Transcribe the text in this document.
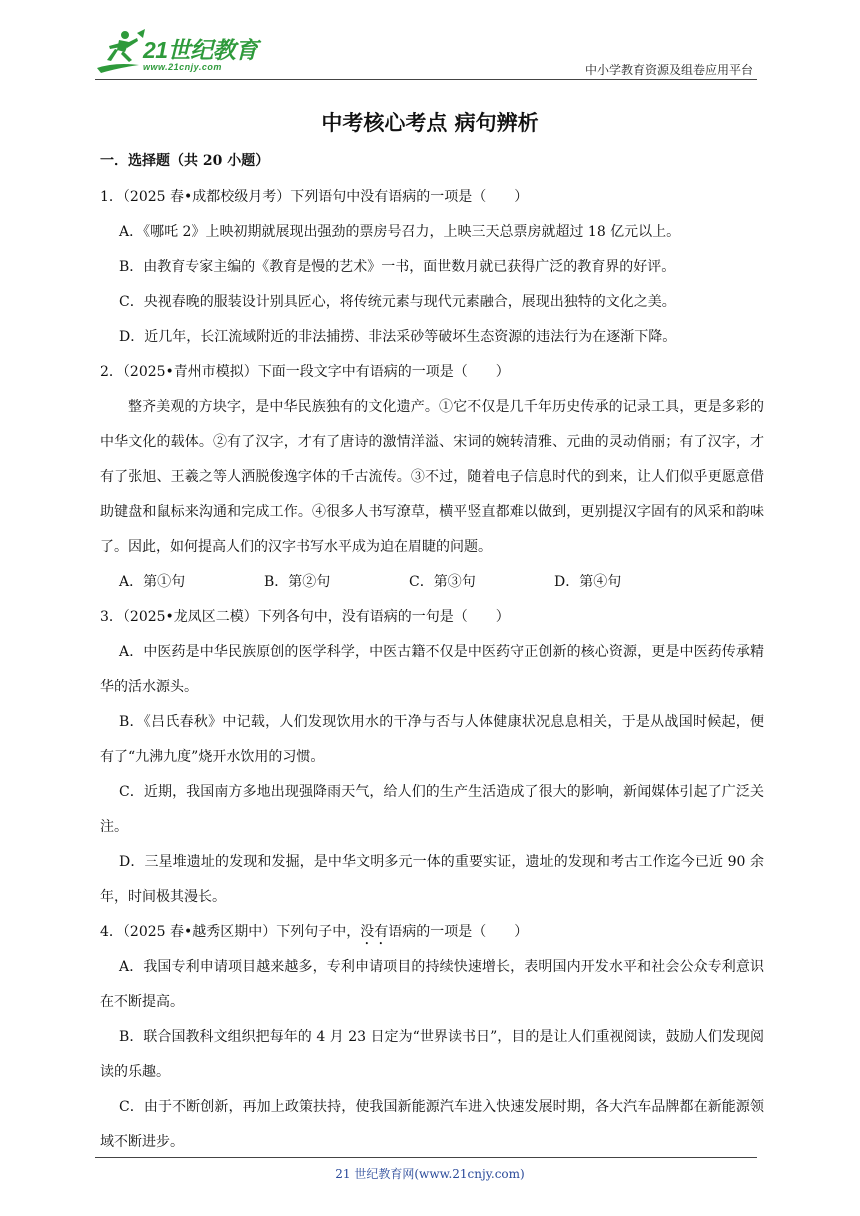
21世纪教育
www.21cnjy.com	中小学教育资源及组卷应用平台
中考核心考点 病句辨析
一．选择题（共 20 小题）

1．（2025 春•成都校级月考）下列语句中没有语病的一项是（　　）

A．《哪吒 2》上映初期就展现出强劲的票房号召力，上映三天总票房就超过 18 亿元以上。

B．由教育专家主编的《教育是慢的艺术》一书，面世数月就已获得广泛的教育界的好评。

C．央视春晚的服装设计别具匠心，将传统元素与现代元素融合，展现出独特的文化之美。

D．近几年，长江流域附近的非法捕捞、非法采砂等破坏生态资源的违法行为在逐渐下降。

2．（2025•青州市模拟）下面一段文字中有语病的一项是（　　）

整齐美观的方块字，是中华民族独有的文化遗产。①它不仅是几千年历史传承的记录工具，更是多彩的中华文化的载体。②有了汉字，才有了唐诗的激情洋溢、宋词的婉转清雅、元曲的灵动俏丽；有了汉字，才有了张旭、王羲之等人洒脱俊逸字体的千古流传。③不过，随着电子信息时代的到来，让人们似乎更愿意借助键盘和鼠标来沟通和完成工作。④很多人书写潦草，横平竖直都难以做到，更别提汉字固有的风采和韵味了。因此，如何提高人们的汉字书写水平成为迫在眉睫的问题。

A．第①句	B．第②句	C．第③句	D．第④句

3．（2025•龙凤区二模）下列各句中，没有语病的一句是（　　）

A．中医药是中华民族原创的医学科学，中医古籍不仅是中医药守正创新的核心资源，更是中医药传承精华的活水源头。

B．《吕氏春秋》中记载，人们发现饮用水的干净与否与人体健康状况息息相关，于是从战国时候起，便有了“九沸九度”烧开水饮用的习惯。

C．近期，我国南方多地出现强降雨天气，给人们的生产生活造成了很大的影响，新闻媒体引起了广泛关注。

D．三星堆遗址的发现和发掘，是中华文明多元一体的重要实证，遗址的发现和考古工作迄今已近 90 余年，时间极其漫长。

4．（2025 春•越秀区期中）下列句子中，没有语病的一项是（　　）

A．我国专利申请项目越来越多，专利申请项目的持续快速增长，表明国内开发水平和社会公众专利意识在不断提高。

B．联合国教科文组织把每年的 4 月 23 日定为“世界读书日”，目的是让人们重视阅读，鼓励人们发现阅读的乐趣。

C．由于不断创新，再加上政策扶持，使我国新能源汽车进入快速发展时期，各大汽车品牌都在新能源领域不断进步。

21 世纪教育网(www.21cnjy.com)
